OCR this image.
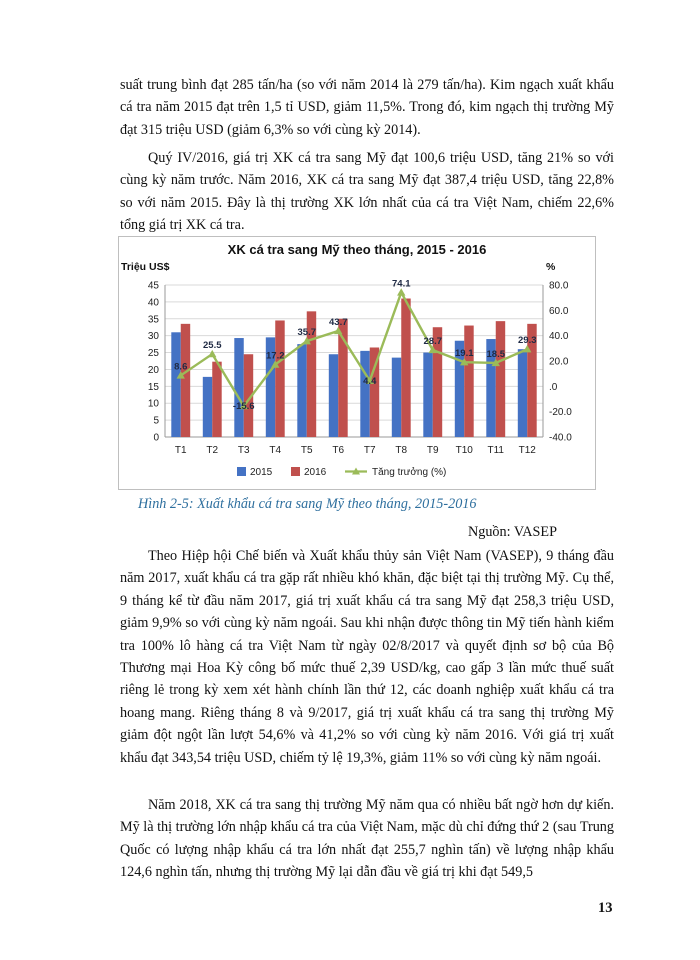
suất trung bình đạt 285 tấn/ha (so với năm 2014 là 279 tấn/ha). Kim ngạch xuất khẩu cá tra năm 2015 đạt trên 1,5 tỉ USD, giảm 11,5%. Trong đó, kim ngạch thị trường Mỹ đạt 315 triệu USD (giảm 6,3% so với cùng kỳ 2014).

Quý IV/2016, giá trị XK cá tra sang Mỹ đạt 100,6 triệu USD, tăng 21% so với cùng kỳ năm trước. Năm 2016, XK cá tra sang Mỹ đạt 387,4 triệu USD, tăng 22,8% so với năm 2015. Đây là thị trường XK lớn nhất của cá tra Việt Nam, chiếm 22,6% tổng giá trị XK cá tra.

XK cá tra sang Mỹ theo tháng, 2015 - 2016
Triệu US$	%
0
5
10
15
20
25
30
35
40
45
-40.0
-20.0
.0
20.0
40.0
60.0
80.0
T1 T2 T3 T4 T5 T6 T7 T8 T9 T10 T11 T12
8.6
25.5
-15.6
17.2
35.7
43.7
4.4
74.1
28.7
19.1 18.5
29.3
2015	2016	Tăng trưởng (%)

Hình 2-5: Xuất khẩu cá tra sang Mỹ theo tháng, 2015-2016

Nguồn: VASEP

Theo Hiệp hội Chế biến và Xuất khẩu thủy sản Việt Nam (VASEP), 9 tháng đầu năm 2017, xuất khẩu cá tra gặp rất nhiều khó khăn, đặc biệt tại thị trường Mỹ. Cụ thể, 9 tháng kể từ đầu năm 2017, giá trị xuất khẩu cá tra sang Mỹ đạt 258,3 triệu USD, giảm 9,9% so với cùng kỳ năm ngoái. Sau khi nhận được thông tin Mỹ tiến hành kiểm tra 100% lô hàng cá tra Việt Nam từ ngày 02/8/2017 và quyết định sơ bộ của Bộ Thương mại Hoa Kỳ công bố mức thuế 2,39 USD/kg, cao gấp 3 lần mức thuế suất riêng lẻ trong kỳ xem xét hành chính lần thứ 12, các doanh nghiệp xuất khẩu cá tra hoang mang. Riêng tháng 8 và 9/2017, giá trị xuất khẩu cá tra sang thị trường Mỹ giảm đột ngột lần lượt 54,6% và 41,2% so với cùng kỳ năm 2016. Với giá trị xuất khẩu đạt 343,54 triệu USD, chiếm tỷ lệ 19,3%, giảm 11% so với cùng kỳ năm ngoái.

Năm 2018, XK cá tra sang thị trường Mỹ năm qua có nhiều bất ngờ hơn dự kiến. Mỹ là thị trường lớn nhập khẩu cá tra của Việt Nam, mặc dù chỉ đứng thứ 2 (sau Trung Quốc có lượng nhập khẩu cá tra lớn nhất đạt 255,7 nghìn tấn) về lượng nhập khẩu 124,6 nghìn tấn, nhưng thị trường Mỹ lại dẫn đầu về giá trị khi đạt 549,5

13
